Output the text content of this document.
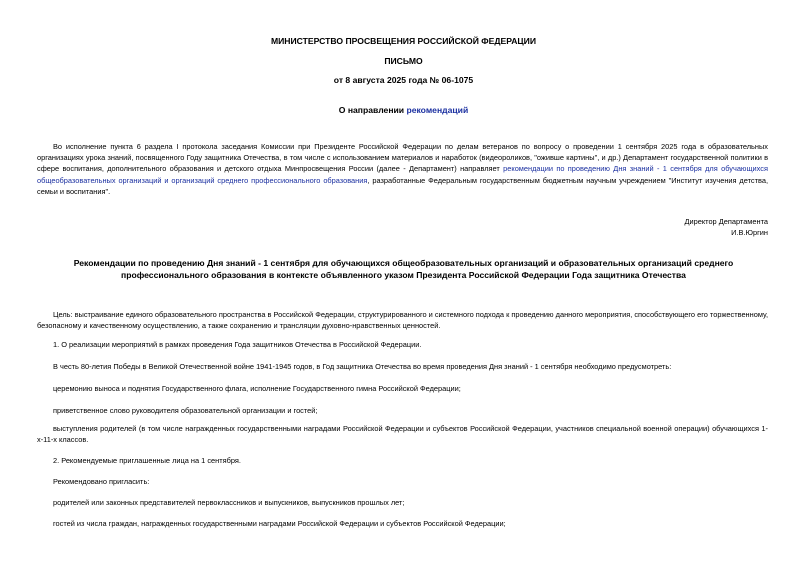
МИНИСТЕРСТВО ПРОСВЕЩЕНИЯ РОССИЙСКОЙ ФЕДЕРАЦИИ
ПИСЬМО
от 8 августа 2025 года № 06-1075
О направлении рекомендаций
Во исполнение пункта 6 раздела I протокола заседания Комиссии при Президенте Российской Федерации по делам ветеранов по вопросу о проведении 1 сентября 2025 года в образовательных организациях урока знаний, посвященного Году защитника Отечества, в том числе с использованием материалов и наработок (видеороликов, "оживше картины", и др.) Департамент государственной политики в сфере воспитания, дополнительного образования и детского отдыха Минпросвещения России (далее - Департамент) направляет рекомендации по проведению Дня знаний - 1 сентября для обучающихся общеобразовательных организаций и организаций среднего профессионального образования, разработанные Федеральным государственным бюджетным научным учреждением "Институт изучения детства, семьи и воспитания".
Директор Департамента
И.В.Юргин
Рекомендации по проведению Дня знаний - 1 сентября для обучающихся общеобразовательных организаций и образовательных организаций среднего профессионального образования в контексте объявленного указом Президента Российской Федерации Года защитника Отечества
Цель: выстраивание единого образовательного пространства в Российской Федерации, структурированного и системного подхода к проведению данного мероприятия, способствующего его торжественному, безопасному и качественному осуществлению, а также сохранению и трансляции духовно-нравственных ценностей.
1. О реализации мероприятий в рамках проведения Года защитников Отечества в Российской Федерации.
В честь 80-летия Победы в Великой Отечественной войне 1941-1945 годов, в Год защитника Отечества во время проведения Дня знаний - 1 сентября необходимо предусмотреть:
церемонию выноса и поднятия Государственного флага, исполнение Государственного гимна Российской Федерации;
приветственное слово руководителя образовательной организации и гостей;
выступления родителей (в том числе награжденных государственными наградами Российской Федерации и субъектов Российской Федерации, участников специальной военной операции) обучающихся 1-х-11-х классов.
2. Рекомендуемые приглашенные лица на 1 сентября.
Рекомендовано пригласить:
родителей или законных представителей первоклассников и выпускников, выпускников прошлых лет;
гостей из числа граждан, награжденных государственными наградами Российской Федерации и субъектов Российской Федерации;
